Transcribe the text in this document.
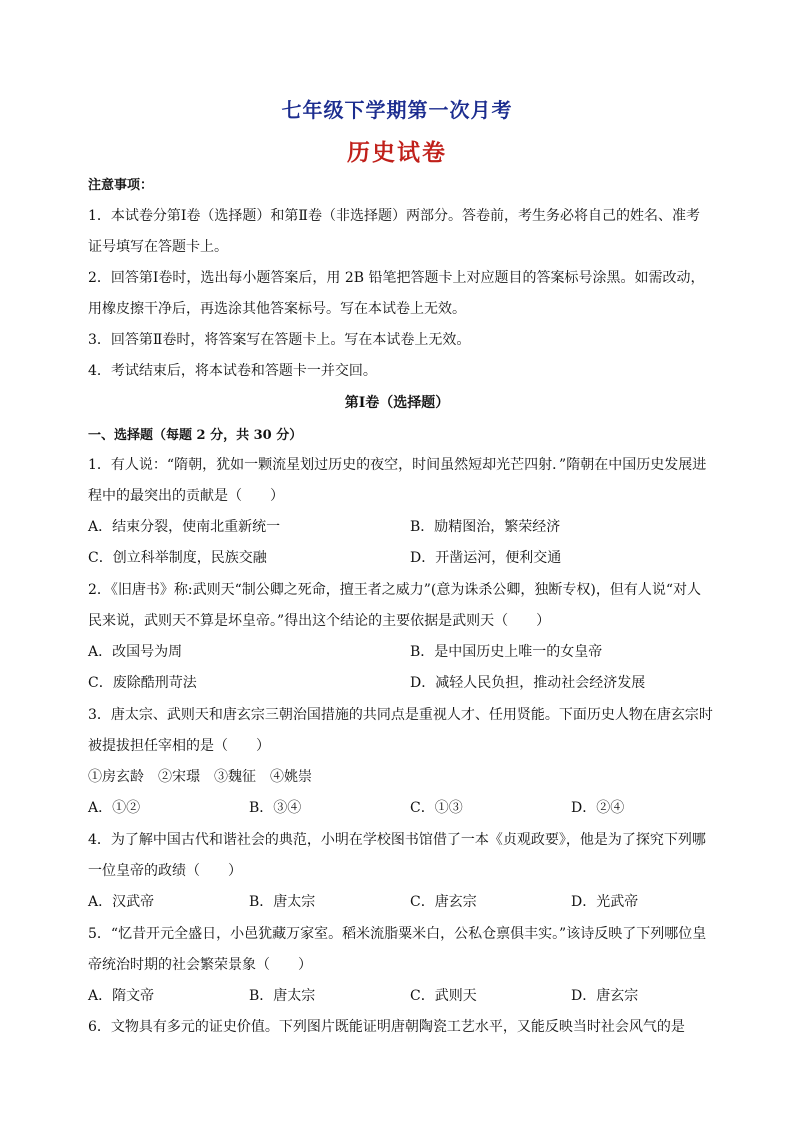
七年级下学期第一次月考
历史试卷
注意事项：
1．本试卷分第Ⅰ卷（选择题）和第Ⅱ卷（非选择题）两部分。答卷前，考生务必将自己的姓名、准考
证号填写在答题卡上。
2．回答第Ⅰ卷时，选出每小题答案后，用 2B 铅笔把答题卡上对应题目的答案标号涂黑。如需改动，
用橡皮擦干净后，再选涂其他答案标号。写在本试卷上无效。
3．回答第Ⅱ卷时，将答案写在答题卡上。写在本试卷上无效。
4．考试结束后，将本试卷和答题卡一并交回。
第Ⅰ卷（选择题）
一、选择题（每题 2 分，共 30 分）
1．有人说：“隋朝，犹如一颗流星划过历史的夜空，时间虽然短却光芒四射．”隋朝在中国历史发展进
程中的最突出的贡献是（　　）
A．结束分裂，使南北重新统一	B．励精图治，繁荣经济
C．创立科举制度，民族交融	D．开凿运河，便利交通
2．《旧唐书》称:武则天“制公卿之死命，擅王者之威力”(意为诛杀公卿，独断专权)，但有人说“对人
民来说，武则天不算是坏皇帝。”得出这个结论的主要依据是武则天（　　）
A．改国号为周	B．是中国历史上唯一的女皇帝
C．废除酷刑苛法	D．减轻人民负担，推动社会经济发展
3．唐太宗、武则天和唐玄宗三朝治国措施的共同点是重视人才、任用贤能。下面历史人物在唐玄宗时
被提拔担任宰相的是（　　）
①房玄龄　②宋璟　③魏征　④姚崇
A．①②	B．③④	C．①③	D．②④
4．为了解中国古代和谐社会的典范，小明在学校图书馆借了一本《贞观政要》，他是为了探究下列哪
一位皇帝的政绩（　　）
A．汉武帝	B．唐太宗	C．唐玄宗	D．光武帝
5．“忆昔开元全盛日，小邑犹藏万家室。稻米流脂粟米白，公私仓禀俱丰实。”该诗反映了下列哪位皇
帝统治时期的社会繁荣景象（　　）
A．隋文帝	B．唐太宗	C．武则天	D．唐玄宗
6．文物具有多元的证史价值。下列图片既能证明唐朝陶瓷工艺水平，又能反映当时社会风气的是
